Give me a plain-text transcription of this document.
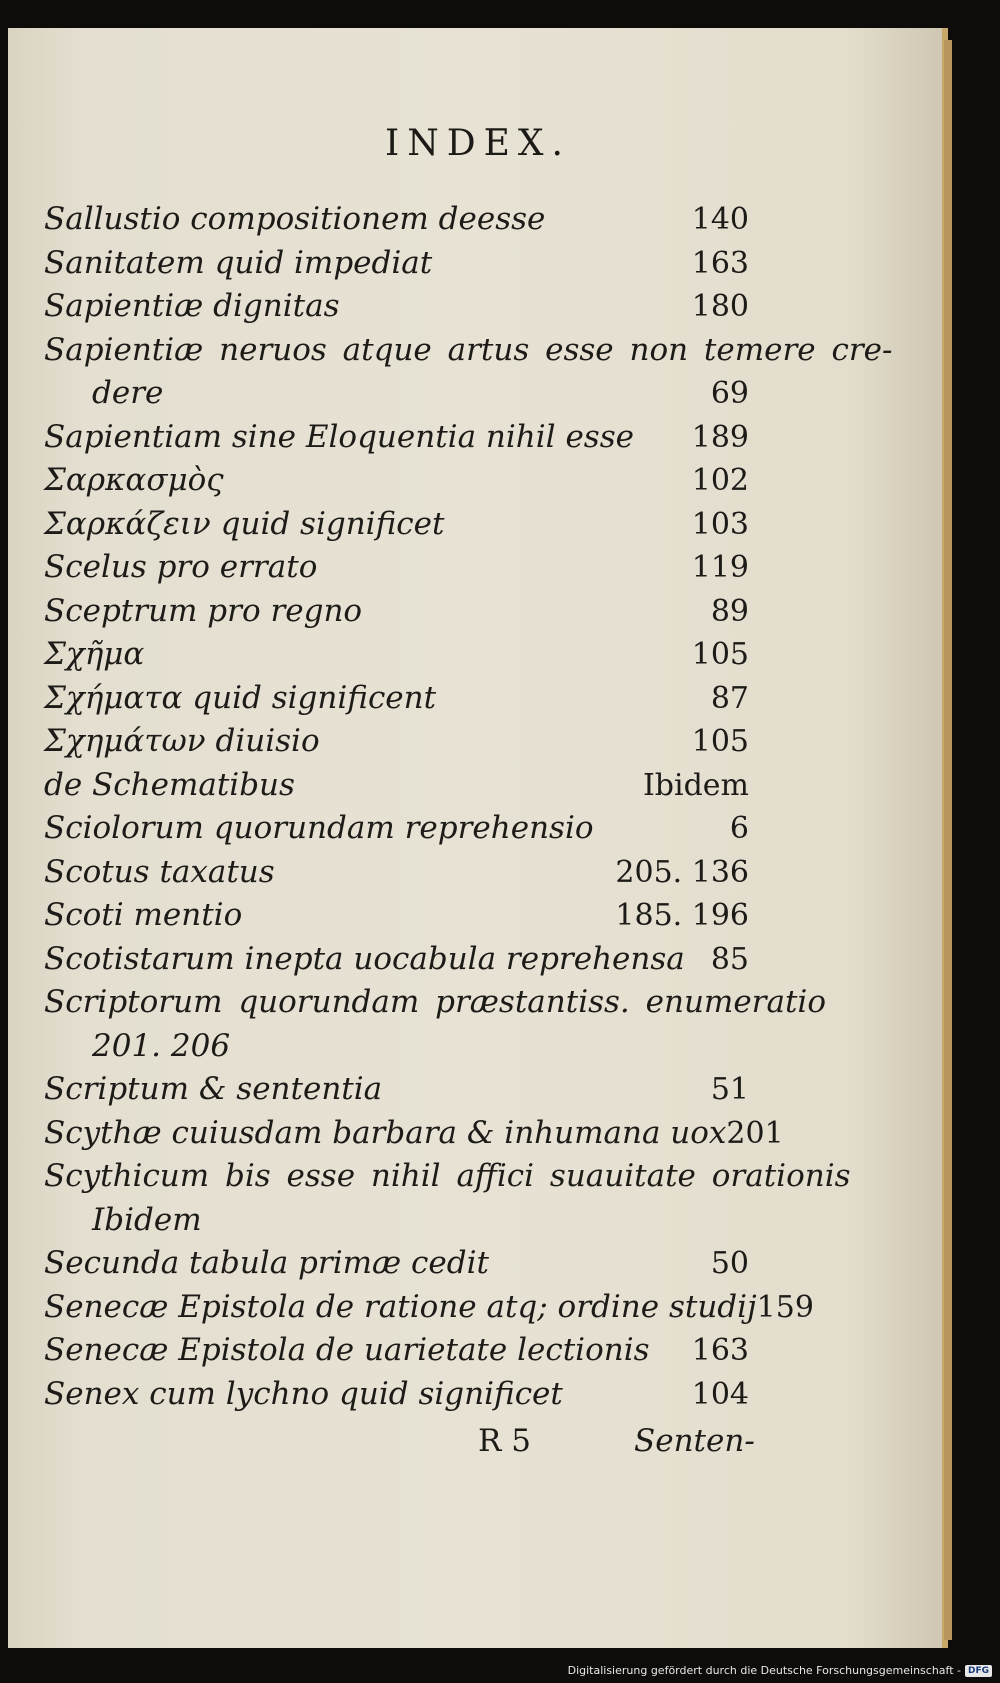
INDEX.
Sallustio compositionem deesse	140
Sanitatem quid impediat	163
Sapientiæ dignitas	180
Sapientiæ neruos atque artus esse non temere cre-
dere	69
Sapientiam sine Eloquentia nihil esse 189
Σαρκασμὸς	102
Σαρκάζειν quid significet	103
Scelus pro errato	119
Sceptrum pro regno	89
Σχῆμα	105
Σχήματα quid significent	87
Σχημάτων diuisio	105
de Schematibus	Ibidem
Sciolorum quorundam reprehensio	6
Scotus taxatus	205. 136
Scoti mentio	185. 196
Scotistarum inepta uocabula reprehensa 85
Scriptorum quorundam præstantiss. enumeratio
201. 206
Scriptum & sententia	51
Scythæ cuiusdam barbara & inhumana uox 201
Scythicum bis esse nihil affici suauitate orationis
Ibidem
Secunda tabula primæ cedit	50
Senecæ Epistola de ratione atq; ordine studij 159
Senecæ Epistola de uarietate lectionis 163
Senex cum lychno quid significet	104
R 5	Senten-
Digitalisierung gefördert durch die Deutsche Forschungsgemeinschaft - DFG
